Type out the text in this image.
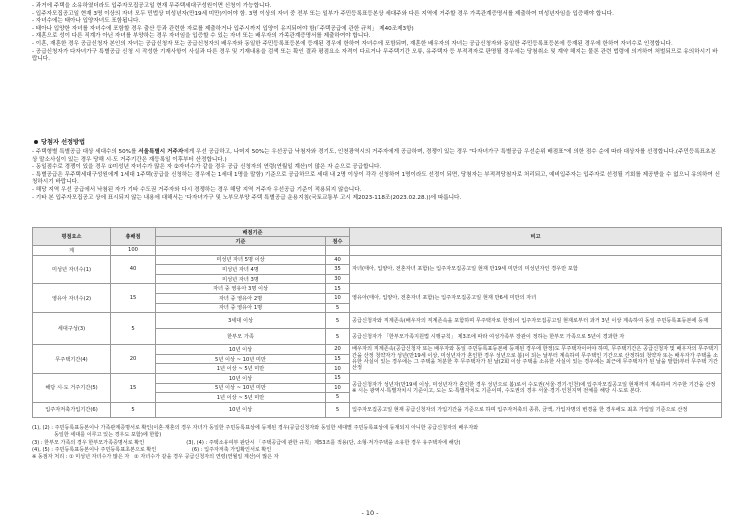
- 과거에 주택을 소유하였더라도 입주자모집공고일 현재 무주택세대구성원이면 신청이 가능합니다.
- 입주자모집공고일 현재 3명 이상의 자녀 모두 민법상 미성년자(만19세 미만)이어야 함. 3명 이상의 자녀 중 전부 또는 일부가 주민등록표등본상 세대주와 다른 지역에 거주할 경우 가족관계증명서를 제출하여 미성년자임을 입증해야 합니다.
- 자녀수에는 태아나 입양자녀도 포함됩니다.
- 태아나 입양한 자녀를 자녀수에 포함할 경우 출산 등과 관련한 자료를 제출하거나 입주시까지 입양이 유지되어야 함(「주택공급에 관한 규칙」 제40조제3항)
- 재혼으로 성이 다른 직계가 아닌 자녀를 부양하는 경우 자녀임을 입증할 수 있는 자녀 또는 배우자의 가족관계증명서를 제출하여야 합니다.
- 이혼, 재혼한 경우 공급신청자 본인의 자녀는 공급신청자 또는 공급신청자의 배우자와 동일한 주민등록표등본에 등재된 경우에 한하여 자녀수에 포함되며, 재혼한 배우자의 자녀는 공급신청자와 동일한 주민등록표등본에 등재된 경우에 한하여 자녀수로 인정합니다.
- 공급신청자가 다자녀가구 특별공급 신청 시 작성한 기재사항이 사실과 다른 경우 및 기재내용을 검색 또는 확인 결과 평점요소 자격이 다르거나 무주택기간 오류, 유주택자 등 부적격자로 판명될 경우에는 당첨취소 및 계약 해지는 물론 관련 법령에 의거하여 처벌되므로 유의하시기 바랍니다.
당첨자 선정방법
- 주택형별 특별공급 대상 세대수의 50%를 서울특별시 거주자에게 우선 공급하고, 나머지 50%는 우선공급 낙첨자와 경기도, 인천광역시의 거주자에게 공급하며, 경쟁이 있는 경우 "다자녀가구 특별공급 우선순위 배점표"에 의한 점수 순에 따라 대상자를 선정합니다.(주민등록표초본 상 말소사실이 있는 경우 당해 시·도 거주기간은 재등록일 이후부터 산정합니다.)
- 동일점수로 경쟁이 있을 경우 ①미성년 자녀수가 많은 자 ②자녀수가 같을 경우 공급 신청자의 연령(연월일 계산)이 많은 자 순으로 공급합니다.
- 특별공급은 무주택세대구성원에게 1세대 1주택(공급을 신청하는 경우에는 1세대 1명을 말함) 기준으로 공급하므로 세대 내 2명 이상이 각각 신청하여 1명이라도 선정이 되면, 당첨자는 부적격당첨자로 처리되고, 예비입주자는 입주자로 선정될 기회를 제공받을 수 없으니 유의하여 신청하시기 바랍니다.
- 해당 지역 우선 공급에서 낙첨된 자가 기타 수도권 거주자와 다시 경쟁하는 경우 해당 지역 거주자 우선공급 기준이 적용되지 않습니다.
- 기타 본 입주자모집공고 상에 표시되지 않는 내용에 대해서는 '다자녀가구 및 노부모부양 주택 특별공급 운용지침(국토교통부 고시 제2023-118조(2023.02.28.))에 따릅니다.
평점요소	총배점	배점기준		비고
		기준	점수	
계	100			
미성년 자녀수(1)	40	미성년 자녀 5명 이상	40	자녀(태아, 입양아, 전혼자녀 포함)는 입주자모집공고일 현재 만19세 미만의 미성년자인 경우만 포함
		미성년 자녀 4명	35	
		미성년 자녀 3명	30	
영유아 자녀수(2)	15	자녀 중 영유아 3명 이상	15	영유아(태아, 입양아, 전혼자녀 포함)는 입주자모집공고일 현재 만6세 미만의 자녀
		자녀 중 영유아 2명	10	
		자녀 중 영유아 1명	5	
세대구성(3)	5	3세대 이상	5	공급신청자와 직계존속(배우자의 직계존속을 포함하며 무주택자로 한정)이 입주자모집공고일 현재로부터 과거 3년 이상 계속하여 동일 주민등록표등본에 등재
		한부모 가족	5	공급신청자가 「한부모가족지원법 시행규칙」 제3조에 따라 여성가족부 장관이 정하는 한부모 가족으로 5년이 경과한 자
무주택기간(4)	20	10년 이상	20	배우자의 직계존속(공급신청자 또는 배우자와 동일 주민등록표등본에 등재된 경우에 한정)도 무주택자이어야 하며, 무주택기간은 공급신청자 및 배우자의 무주택기간을 산정 청약자가 성년(만19세 이상, 미성년자가 혼인한 경우 성년으로 봄)이 되는 날부터 계속하여 무주택인 기간으로 산정하되 청약자 또는 배우자가 주택을 소유한 사실이 있는 경우에는 그 주택을 처분한 후 무주택자가 된 날(2회 이상 주택을 소유한 사실이 있는 경우에는 최근에 무주택자가 된 날을 말함)부터 무주택 기간 산정
		5년 이상 ~ 10년 미만	15	
		1년 이상 ~ 5년 미만	10	
해당 시·도 거주기간(5)	15	10년 이상	15	공급신청자가 성년자(만19세 이상, 미성년자가 혼인한 경우 성년으로 봄)로서 수도권(서울·경기·인천)에 입주자모집공고일 현재까지 계속하여 거주한 기간을 산정 ※ 시는 광역시·특별자치시 기준이고, 도는 도·특별자치도 기준이며, 수도권의 경우 서울·경기·인천지역 전체를 해당 시·도로 본다.
		5년 이상 ~ 10년 미만	10	
		1년 이상 ~ 5년 미만	5	
입주자저축가입기간(6)	5	10년 이상	5	입주자모집공고일 현재 공급신청자의 가입기간을 기준으로 하며 입주자저축의 종류, 금액, 가입자명의 변경을 한 경우에도 최초 가입일 기준으로 산정
(1), (2) : 주민등록표등본이나 가족관계증명서로 확인(이혼·재혼의 경우 자녀가 동일한 주민등록표상에 등재된 경우(공급신청자와 동일한 세대별 주민등록표상에 등재되지 아니한 공급신청자의 배우자와
동일한 세대를 이루고 있는 경우도 포함)에 한함)
(3) : 한부모 가족의 경우 한부모가족증명서로 확인                          (3), (4) : 주택소유여부 판단시 「주택공급에 관한 규칙」제53조를 적용(단, 소형·저가주택을 소유한 경우 유주택자에 해당)
(4), (5) : 주민등록표등본이나 주민등록표초본으로 확인                      (6) : 입주자저축 가입확인서로 확인
※ 동점자 처리 : ① 미성년 자녀수가 많은 자   ② 자녀수가 같을 경우 공급신청자의 연령(연월일 계산)이 많은 자
- 10 -
